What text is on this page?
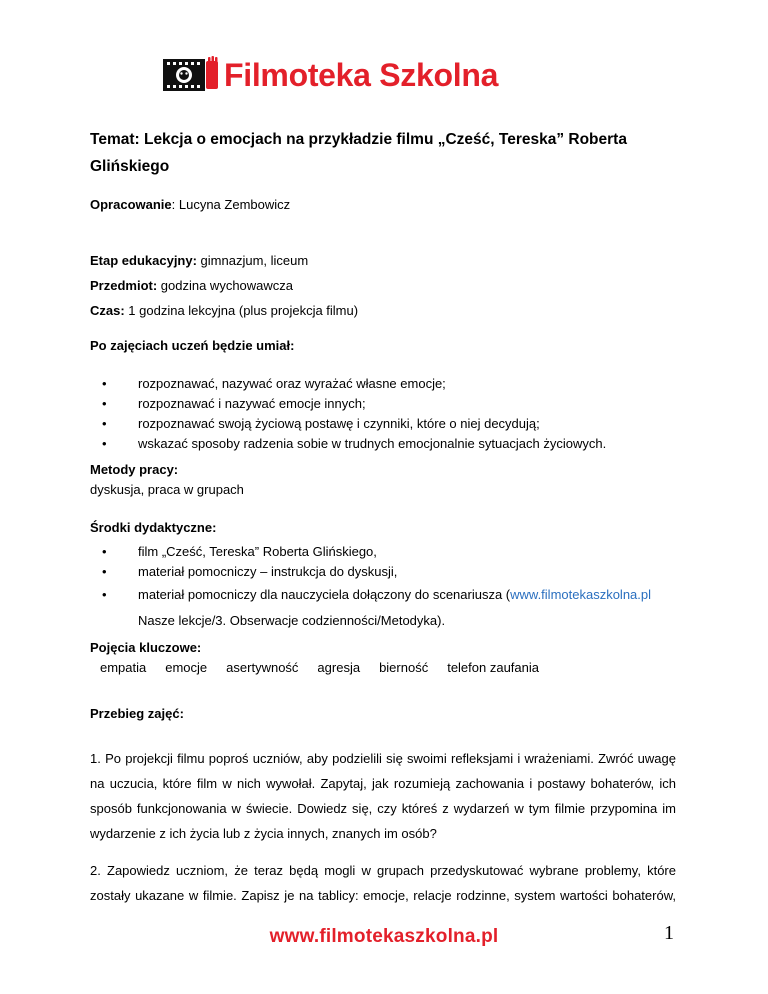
Filmoteka Szkolna
Temat: Lekcja o emocjach na przykładzie filmu „Cześć, Tereska” Roberta Glińskiego

Opracowanie: Lucyna Zembowicz

Etap edukacyjny: gimnazjum, liceum

Przedmiot: godzina wychowawcza

Czas: 1 godzina lekcyjna (plus projekcja filmu)

Po zajęciach uczeń będzie umiał:

• rozpoznawać, nazywać oraz wyrażać własne emocje;
• rozpoznawać i nazywać emocje innych;
• rozpoznawać swoją życiową postawę i czynniki, które o niej decydują;
• wskazać sposoby radzenia sobie w trudnych emocjonalnie sytuacjach życiowych.

Metody pracy:

dyskusja, praca w grupach

Środki dydaktyczne:

• film „Cześć, Tereska” Roberta Glińskiego,
• materiał pomocniczy – instrukcja do dyskusji,
• materiał pomocniczy dla nauczyciela dołączony do scenariusza (www.filmotekaszkolna.pl
Nasze lekcje/3. Obserwacje codzienności/Metodyka).

Pojęcia kluczowe:

empatia emocje asertywność agresja bierność telefon zaufania

Przebieg zajęć:

1. Po projekcji filmu poproś uczniów, aby podzielili się swoimi refleksjami i wrażeniami. Zwróć uwagę na uczucia, które film w nich wywołał. Zapytaj, jak rozumieją zachowania i postawy bohaterów, ich sposób funkcjonowania w świecie. Dowiedz się, czy któreś z wydarzeń w tym filmie przypomina im wydarzenie z ich życia lub z życia innych, znanych im osób?

2. Zapowiedz uczniom, że teraz będą mogli w grupach przedyskutować wybrane problemy, które zostały ukazane w filmie. Zapisz je na tablicy: emocje, relacje rodzinne, system wartości bohaterów,

www.filmotekaszkolna.pl	1
